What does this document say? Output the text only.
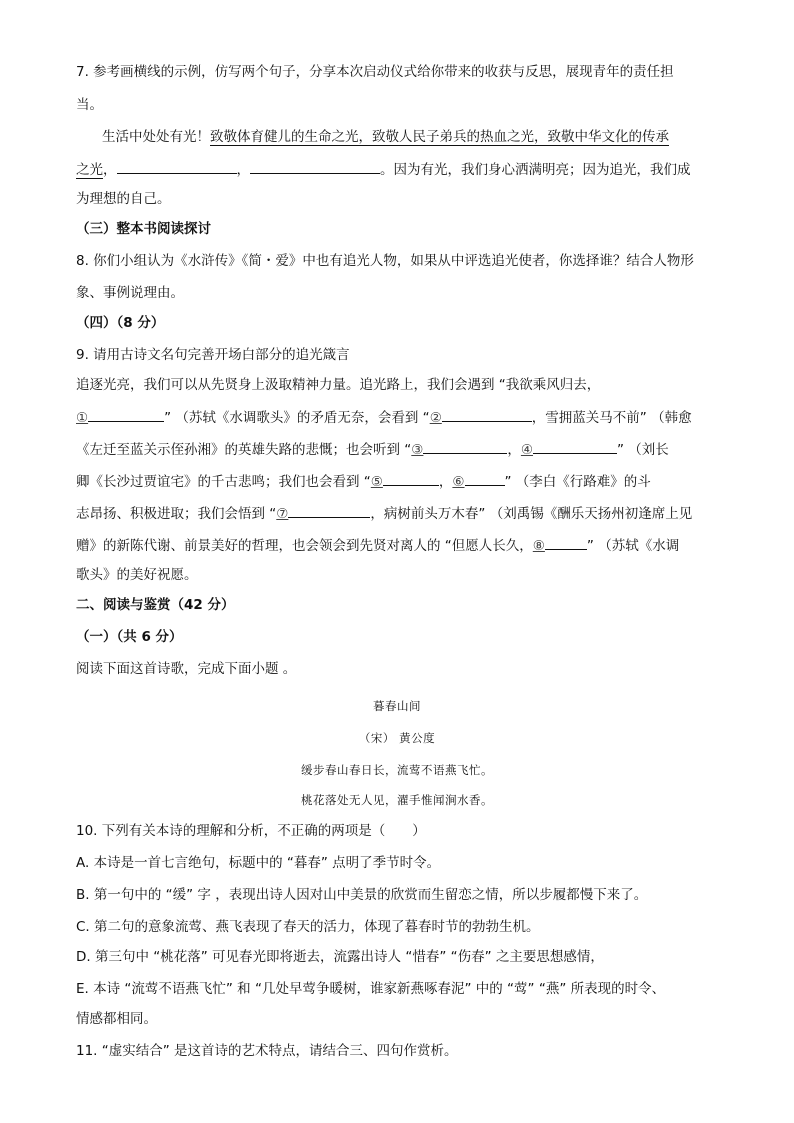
7. 参考画横线的示例，仿写两个句子，分享本次启动仪式给你带来的收获与反思，展现青年的责任担
当。
生活中处处有光！致敬体育健儿的生命之光，致敬人民子弟兵的热血之光，致敬中华文化的传承
之光，	，	。因为有光，我们身心洒满明亮；因为追光，我们成
为理想的自己。
（三）整本书阅读探讨
8. 你们小组认为《水浒传》《简・爱》中也有追光人物，如果从中评选追光使者，你选择谁？结合人物形
象、事例说理由。
（四）（8 分）
9. 请用古诗文名句完善开场白部分的追光箴言
追逐光亮，我们可以从先贤身上汲取精神力量。追光路上，我们会遇到 “我欲乘风归去，
①	” （苏轼《水调歌头》的矛盾无奈，会看到 “②	，雪拥蓝关马不前” （韩愈
《左迁至蓝关示侄孙湘》的英雄失路的悲慨；也会听到 “③	，④	” （刘长
卿《长沙过贾谊宅》的千古悲鸣；我们也会看到 “⑤	，⑥	” （李白《行路难》的斗
志昂扬、积极进取；我们会悟到 “⑦	，病树前头万木春” （刘禹锡《酬乐天扬州初逢席上见
赠》的新陈代谢、前景美好的哲理，也会领会到先贤对离人的 “但愿人长久，⑧	” （苏轼《水调
歌头》的美好祝愿。
二、阅读与鉴赏（42 分）
（一）（共 6 分）
阅读下面这首诗歌，完成下面小题 。
暮春山间
（宋） 黄公度
缓步春山春日长，流莺不语燕飞忙。
桃花落处无人见，濯手惟闻涧水香。
10. 下列有关本诗的理解和分析，不正确的两项是（　　）
A. 本诗是一首七言绝句，标题中的 “暮春” 点明了季节时令。
B. 第一句中的 “缓” 字 ，表现出诗人因对山中美景的欣赏而生留恋之情，所以步履都慢下来了。
C. 第二句的意象流莺、燕飞表现了春天的活力，体现了暮春时节的勃勃生机。
D. 第三句中 “桃花落” 可见春光即将逝去，流露出诗人 “惜春” “伤春” 之主要思想感情，
E. 本诗 “流莺不语燕飞忙” 和 “几处早莺争暖树，谁家新燕啄春泥” 中的 “莺” “燕” 所表现的时令、
情感都相同。
11. “虚实结合” 是这首诗的艺术特点，请结合三、四句作赏析。
